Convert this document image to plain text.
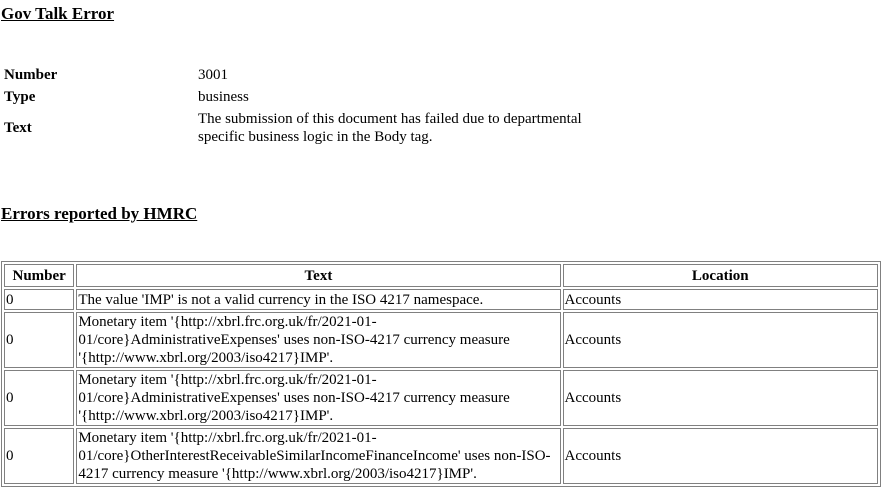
Gov Talk Error
Number	3001
Type	business
Text	The submission of this document has failed due to departmental specific business logic in the Body tag.
Errors reported by HMRC
Number	Text	Location
0	The value 'IMP' is not a valid currency in the ISO 4217 namespace.	Accounts
0	Monetary item '{http://xbrl.frc.org.uk/fr/2021-01-01/core}AdministrativeExpenses' uses non-ISO-4217 currency measure '{http://www.xbrl.org/2003/iso4217}IMP'.	Accounts
0	Monetary item '{http://xbrl.frc.org.uk/fr/2021-01-01/core}AdministrativeExpenses' uses non-ISO-4217 currency measure '{http://www.xbrl.org/2003/iso4217}IMP'.	Accounts
0	Monetary item '{http://xbrl.frc.org.uk/fr/2021-01-01/core}OtherInterestReceivableSimilarIncomeFinanceIncome' uses non-ISO-4217 currency measure '{http://www.xbrl.org/2003/iso4217}IMP'.	Accounts
